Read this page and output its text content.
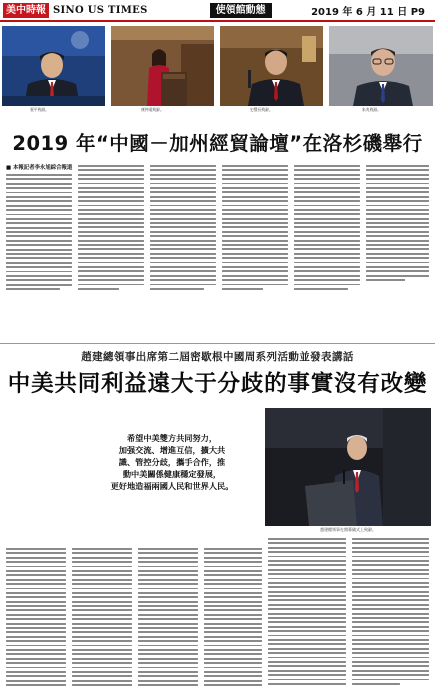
美中時報 SINO US TIMES	使領館動態	2019 年 6 月 11 日 P9
張平致辭。	康仲遠致辭。	史豐長致辭。	朱兆致辭。
2019 年“中國－加州經貿論壇”在洛杉磯舉行
■ 本報記者李永旭綜合報道
趙建總領事出席第二屆密歇根中國周系列活動並發表講話
中美共同利益遠大于分歧的事實沒有改變
希望中美雙方共同努力，
加强交流、增進互信，擴大共
識、管控分歧，攜手合作，推
動中美關係健康穩定發展，
更好地造福兩國人民和世界人民。
趙建總領事在開幕儀式上致辭。
